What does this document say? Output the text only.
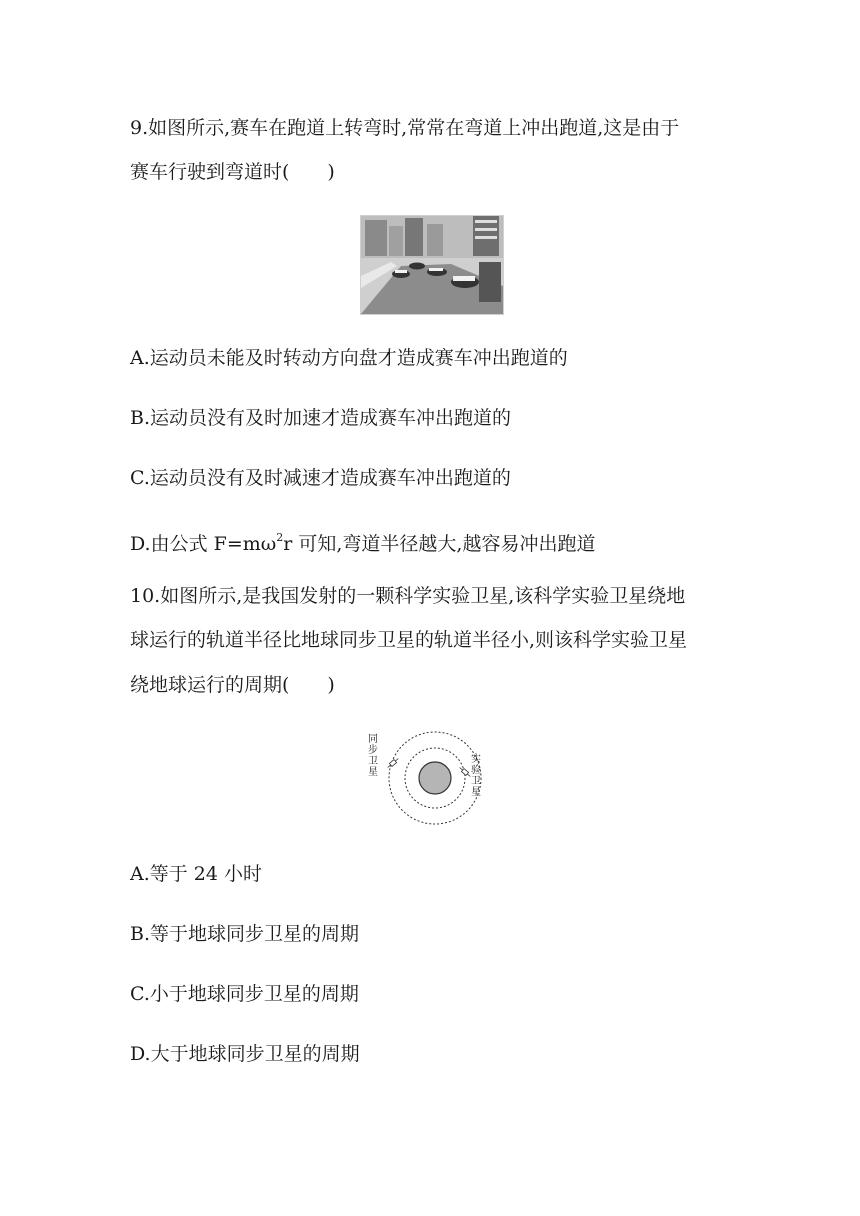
9.如图所示,赛车在跑道上转弯时,常常在弯道上冲出跑道,这是由于
赛车行驶到弯道时(　　)
A.运动员未能及时转动方向盘才造成赛车冲出跑道的
B.运动员没有及时加速才造成赛车冲出跑道的
C.运动员没有及时减速才造成赛车冲出跑道的
D.由公式 $F=m\omega^2r$ 可知,弯道半径越大,越容易冲出跑道
10.如图所示,是我国发射的一颗科学实验卫星,该科学实验卫星绕地
球运行的轨道半径比地球同步卫星的轨道半径小,则该科学实验卫星
绕地球运行的周期(　　)
同
步
卫
星
实
验
卫
星
A.等于 24 小时
B.等于地球同步卫星的周期
C.小于地球同步卫星的周期
D.大于地球同步卫星的周期
